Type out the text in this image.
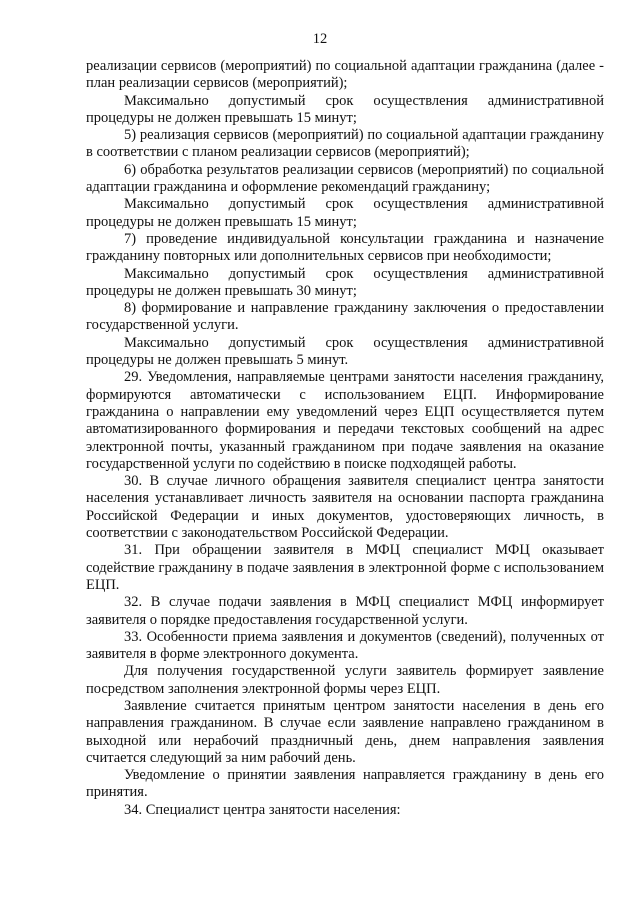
12

реализации сервисов (мероприятий) по социальной адаптации гражданина (далее - план реализации сервисов (мероприятий);

Максимально допустимый срок осуществления административной процедуры не должен превышать 15 минут;

5) реализация сервисов (мероприятий) по социальной адаптации гражданину в соответствии с планом реализации сервисов (мероприятий);

6) обработка результатов реализации сервисов (мероприятий) по социальной адаптации гражданина и оформление рекомендаций гражданину;

Максимально допустимый срок осуществления административной процедуры не должен превышать 15 минут;

7) проведение индивидуальной консультации гражданина и назначение гражданину повторных или дополнительных сервисов при необходимости;

Максимально допустимый срок осуществления административной процедуры не должен превышать 30 минут;

8) формирование и направление гражданину заключения о предоставлении государственной услуги.

Максимально допустимый срок осуществления административной процедуры не должен превышать 5 минут.

29. Уведомления, направляемые центрами занятости населения гражданину, формируются автоматически с использованием ЕЦП. Информирование гражданина о направлении ему уведомлений через ЕЦП осуществляется путем автоматизированного формирования и передачи текстовых сообщений на адрес электронной почты, указанный гражданином при подаче заявления на оказание государственной услуги по содействию в поиске подходящей работы.

30. В случае личного обращения заявителя специалист центра занятости населения устанавливает личность заявителя на основании паспорта гражданина Российской Федерации и иных документов, удостоверяющих личность, в соответствии с законодательством Российской Федерации.

31. При обращении заявителя в МФЦ специалист МФЦ оказывает содействие гражданину в подаче заявления в электронной форме с использованием ЕЦП.

32. В случае подачи заявления в МФЦ специалист МФЦ информирует заявителя о порядке предоставления государственной услуги.

33. Особенности приема заявления и документов (сведений), полученных от заявителя в форме электронного документа.

Для получения государственной услуги заявитель формирует заявление посредством заполнения электронной формы через ЕЦП.

Заявление считается принятым центром занятости населения в день его направления гражданином. В случае если заявление направлено гражданином в выходной или нерабочий праздничный день, днем направления заявления считается следующий за ним рабочий день.

Уведомление о принятии заявления направляется гражданину в день его принятия.

34. Специалист центра занятости населения:
